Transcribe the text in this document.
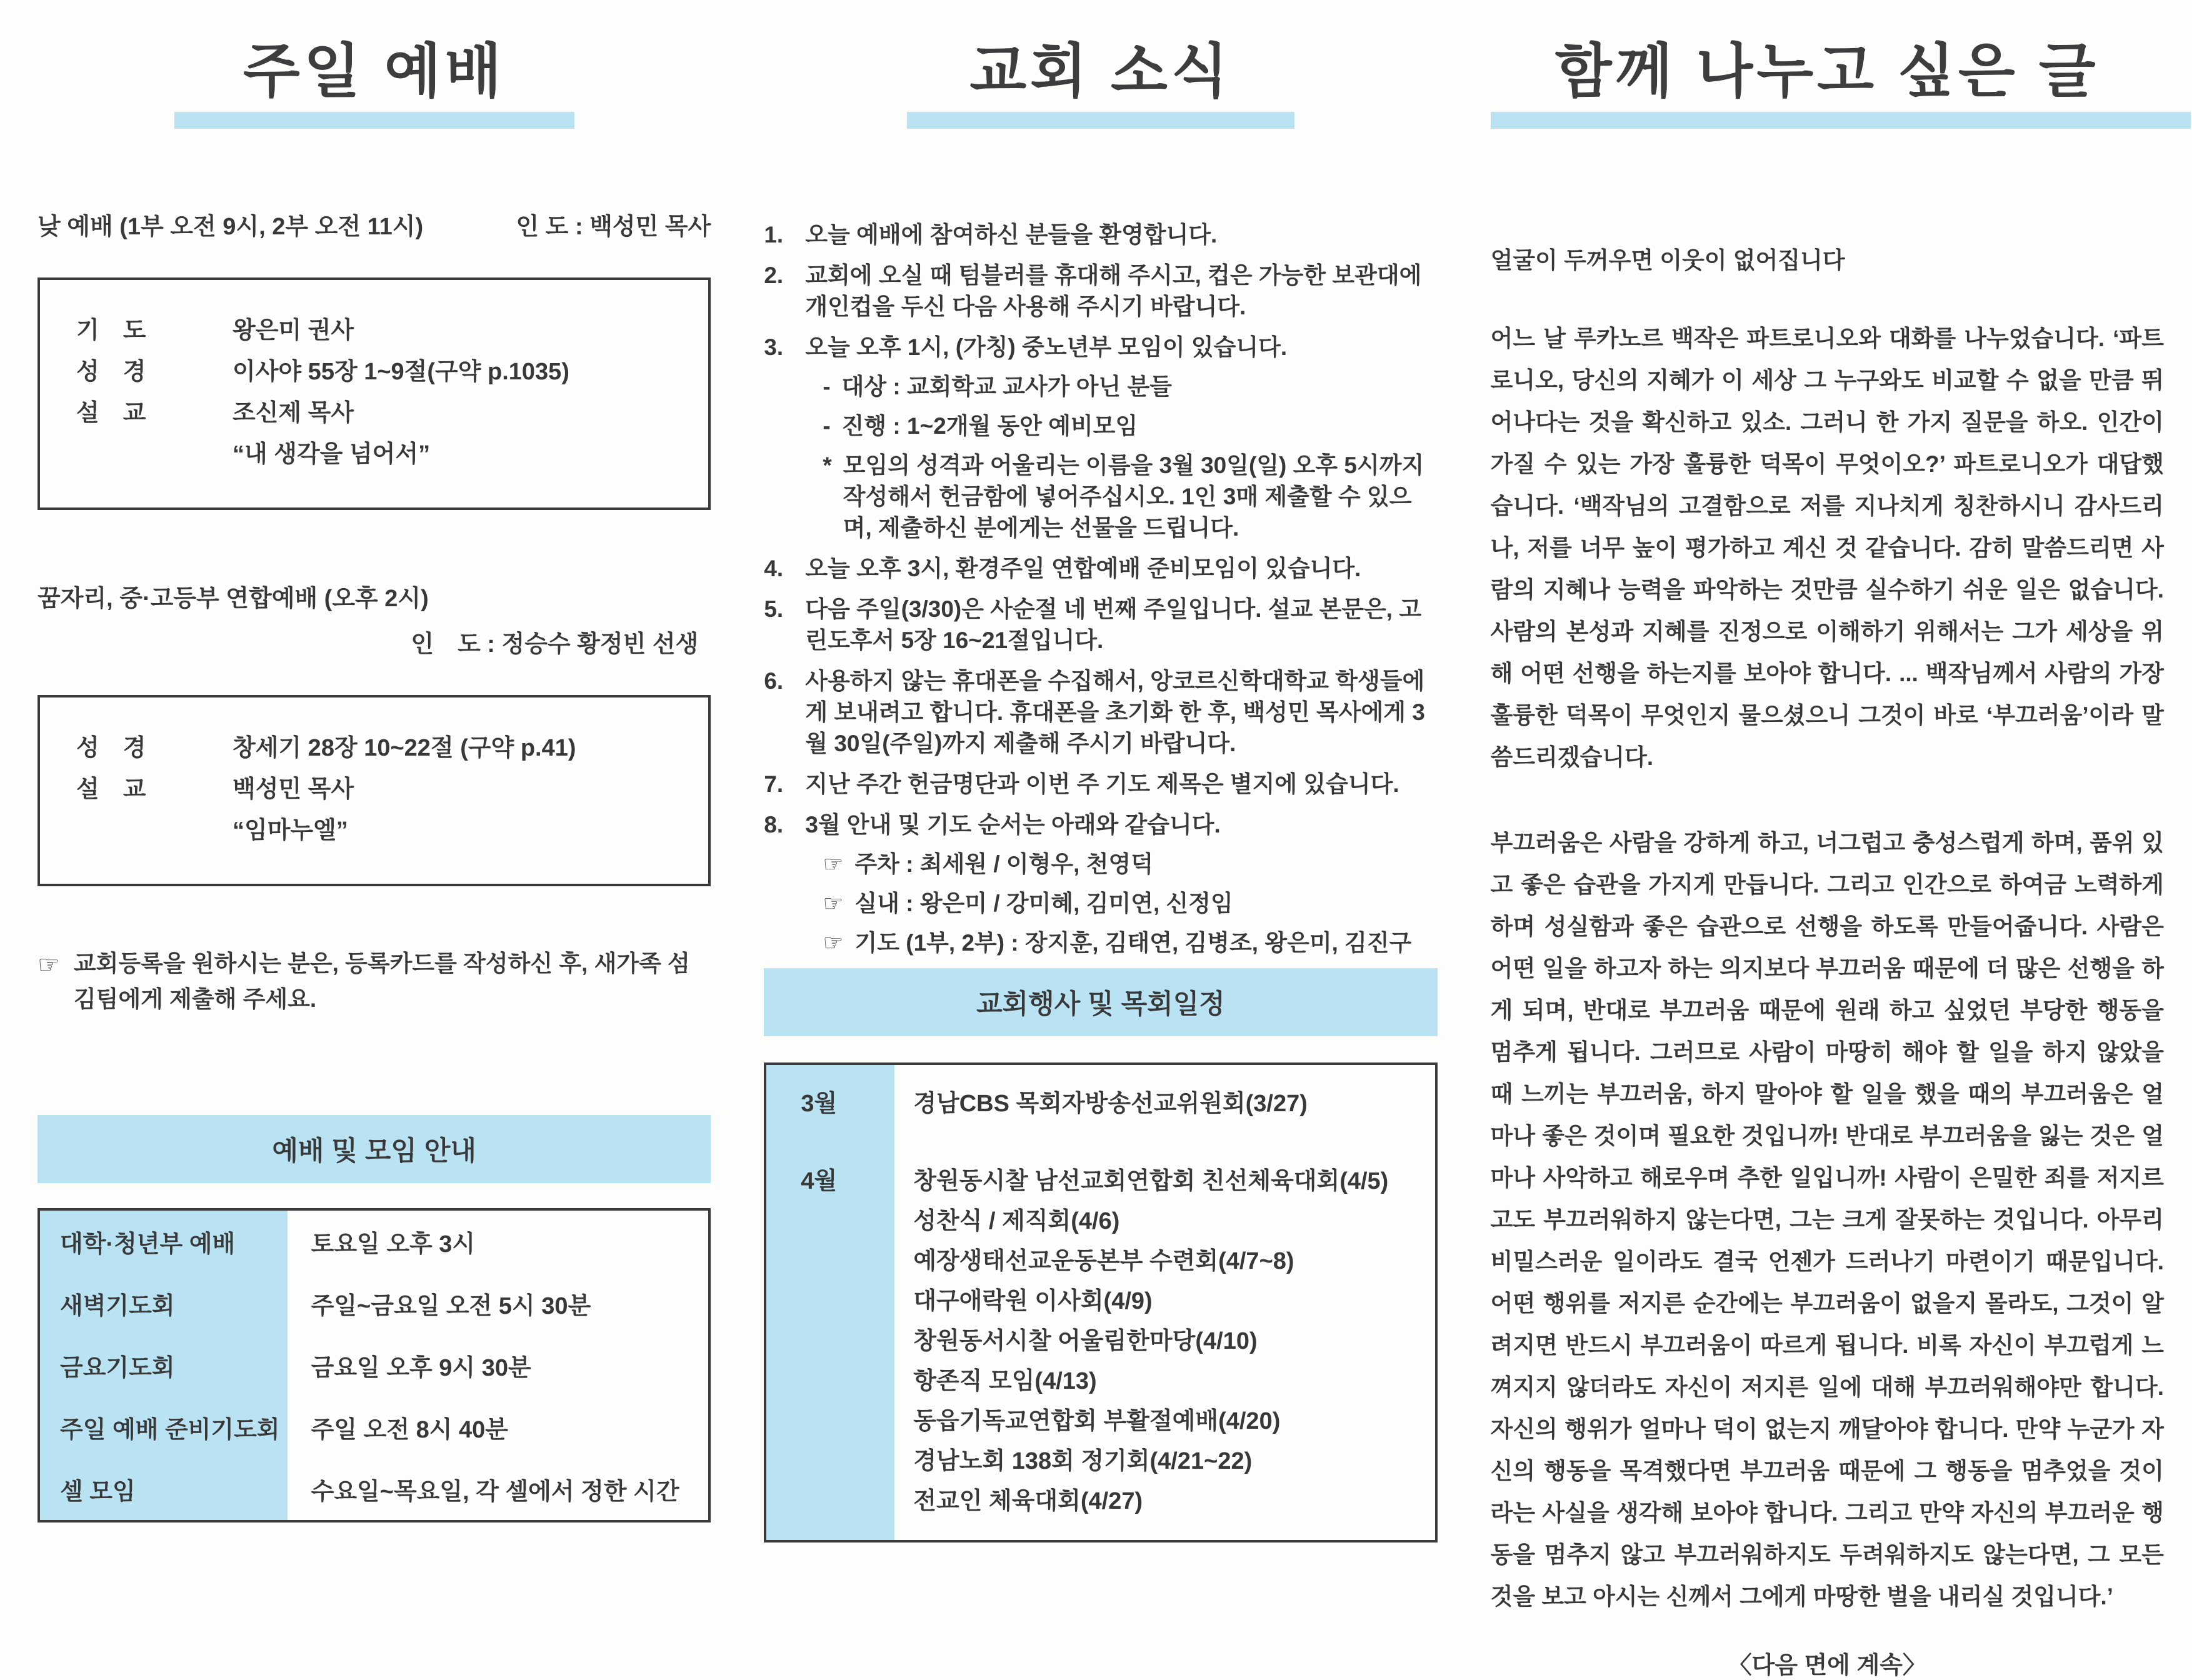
주일 예배
낮 예배 (1부 오전 9시, 2부 오전 11시)	인 도 : 백성민 목사
기　도	왕은미 권사
성　경	이사야 55장 1~9절(구약 p.1035)
설　교	조신제 목사
“내 생각을 넘어서”
꿈자리, 중·고등부 연합예배 (오후 2시)
인　도 : 정승수 황정빈 선생
성　경	창세기 28장 10~22절 (구약 p.41)
설　교	백성민 목사
“임마누엘”
☞ 교회등록을 원하시는 분은, 등록카드를 작성하신 후, 새가족 섬김팀에게 제출해 주세요.
예배 및 모임 안내
대학·청년부 예배	토요일 오후 3시
새벽기도회	주일~금요일 오전 5시 30분
금요기도회	금요일 오후 9시 30분
주일 예배 준비기도회	주일 오전 8시 40분
셀 모임	수요일~목요일, 각 셀에서 정한 시간
교회 소식
1. 오늘 예배에 참여하신 분들을 환영합니다.
2. 교회에 오실 때 텀블러를 휴대해 주시고, 컵은 가능한 보관대에 개인컵을 두신 다음 사용해 주시기 바랍니다.
3. 오늘 오후 1시, (가칭) 중노년부 모임이 있습니다.
- 대상 : 교회학교 교사가 아닌 분들
- 진행 : 1~2개월 동안 예비모임
* 모임의 성격과 어울리는 이름을 3월 30일(일) 오후 5시까지 작성해서 헌금함에 넣어주십시오. 1인 3매 제출할 수 있으며, 제출하신 분에게는 선물을 드립니다.
4. 오늘 오후 3시, 환경주일 연합예배 준비모임이 있습니다.
5. 다음 주일(3/30)은 사순절 네 번째 주일입니다. 설교 본문은, 고린도후서 5장 16~21절입니다.
6. 사용하지 않는 휴대폰을 수집해서, 앙코르신학대학교 학생들에게 보내려고 합니다. 휴대폰을 초기화 한 후, 백성민 목사에게 3월 30일(주일)까지 제출해 주시기 바랍니다.
7. 지난 주간 헌금명단과 이번 주 기도 제목은 별지에 있습니다.
8. 3월 안내 및 기도 순서는 아래와 같습니다.
☞ 주차 : 최세원 / 이형우, 천영덕
☞ 실내 : 왕은미 / 강미혜, 김미연, 신정임
☞ 기도 (1부, 2부) : 장지훈, 김태연, 김병조, 왕은미, 김진구
교회행사 및 목회일정
3월	경남CBS 목회자방송선교위원회(3/27)
4월	창원동시찰 남선교회연합회 친선체육대회(4/5)
성찬식 / 제직회(4/6)
예장생태선교운동본부 수련회(4/7~8)
대구애락원 이사회(4/9)
창원동서시찰 어울림한마당(4/10)
항존직 모임(4/13)
동읍기독교연합회 부활절예배(4/20)
경남노회 138회 정기회(4/21~22)
전교인 체육대회(4/27)
함께 나누고 싶은 글
얼굴이 두꺼우면 이웃이 없어집니다
어느 날 루카노르 백작은 파트로니오와 대화를 나누었습니다. ‘파트로니오, 당신의 지혜가 이 세상 그 누구와도 비교할 수 없을 만큼 뛰어나다는 것을 확신하고 있소. 그러니 한 가지 질문을 하오. 인간이 가질 수 있는 가장 훌륭한 덕목이 무엇이오?’ 파트로니오가 대답했습니다. ‘백작님의 고결함으로 저를 지나치게 칭찬하시니 감사드리나, 저를 너무 높이 평가하고 계신 것 같습니다. 감히 말씀드리면 사람의 지혜나 능력을 파악하는 것만큼 실수하기 쉬운 일은 없습니다. 사람의 본성과 지혜를 진정으로 이해하기 위해서는 그가 세상을 위해 어떤 선행을 하는지를 보아야 합니다. ... 백작님께서 사람의 가장 훌륭한 덕목이 무엇인지 물으셨으니 그것이 바로 ‘부끄러움’이라 말씀드리겠습니다.
부끄러움은 사람을 강하게 하고, 너그럽고 충성스럽게 하며, 품위 있고 좋은 습관을 가지게 만듭니다. 그리고 인간으로 하여금 노력하게 하며 성실함과 좋은 습관으로 선행을 하도록 만들어줍니다. 사람은 어떤 일을 하고자 하는 의지보다 부끄러움 때문에 더 많은 선행을 하게 되며, 반대로 부끄러움 때문에 원래 하고 싶었던 부당한 행동을 멈추게 됩니다. 그러므로 사람이 마땅히 해야 할 일을 하지 않았을 때 느끼는 부끄러움, 하지 말아야 할 일을 했을 때의 부끄러움은 얼마나 좋은 것이며 필요한 것입니까! 반대로 부끄러움을 잃는 것은 얼마나 사악하고 해로우며 추한 일입니까! 사람이 은밀한 죄를 저지르고도 부끄러워하지 않는다면, 그는 크게 잘못하는 것입니다. 아무리 비밀스러운 일이라도 결국 언젠가 드러나기 마련이기 때문입니다. 어떤 행위를 저지른 순간에는 부끄러움이 없을지 몰라도, 그것이 알려지면 반드시 부끄러움이 따르게 됩니다. 비록 자신이 부끄럽게 느껴지지 않더라도 자신이 저지른 일에 대해 부끄러워해야만 합니다. 자신의 행위가 얼마나 덕이 없는지 깨달아야 합니다. 만약 누군가 자신의 행동을 목격했다면 부끄러움 때문에 그 행동을 멈추었을 것이라는 사실을 생각해 보아야 합니다. 그리고 만약 자신의 부끄러운 행동을 멈추지 않고 부끄러워하지도 두려워하지도 않는다면, 그 모든 것을 보고 아시는 신께서 그에게 마땅한 벌을 내리실 것입니다.’
〈다음 면에 계속〉
